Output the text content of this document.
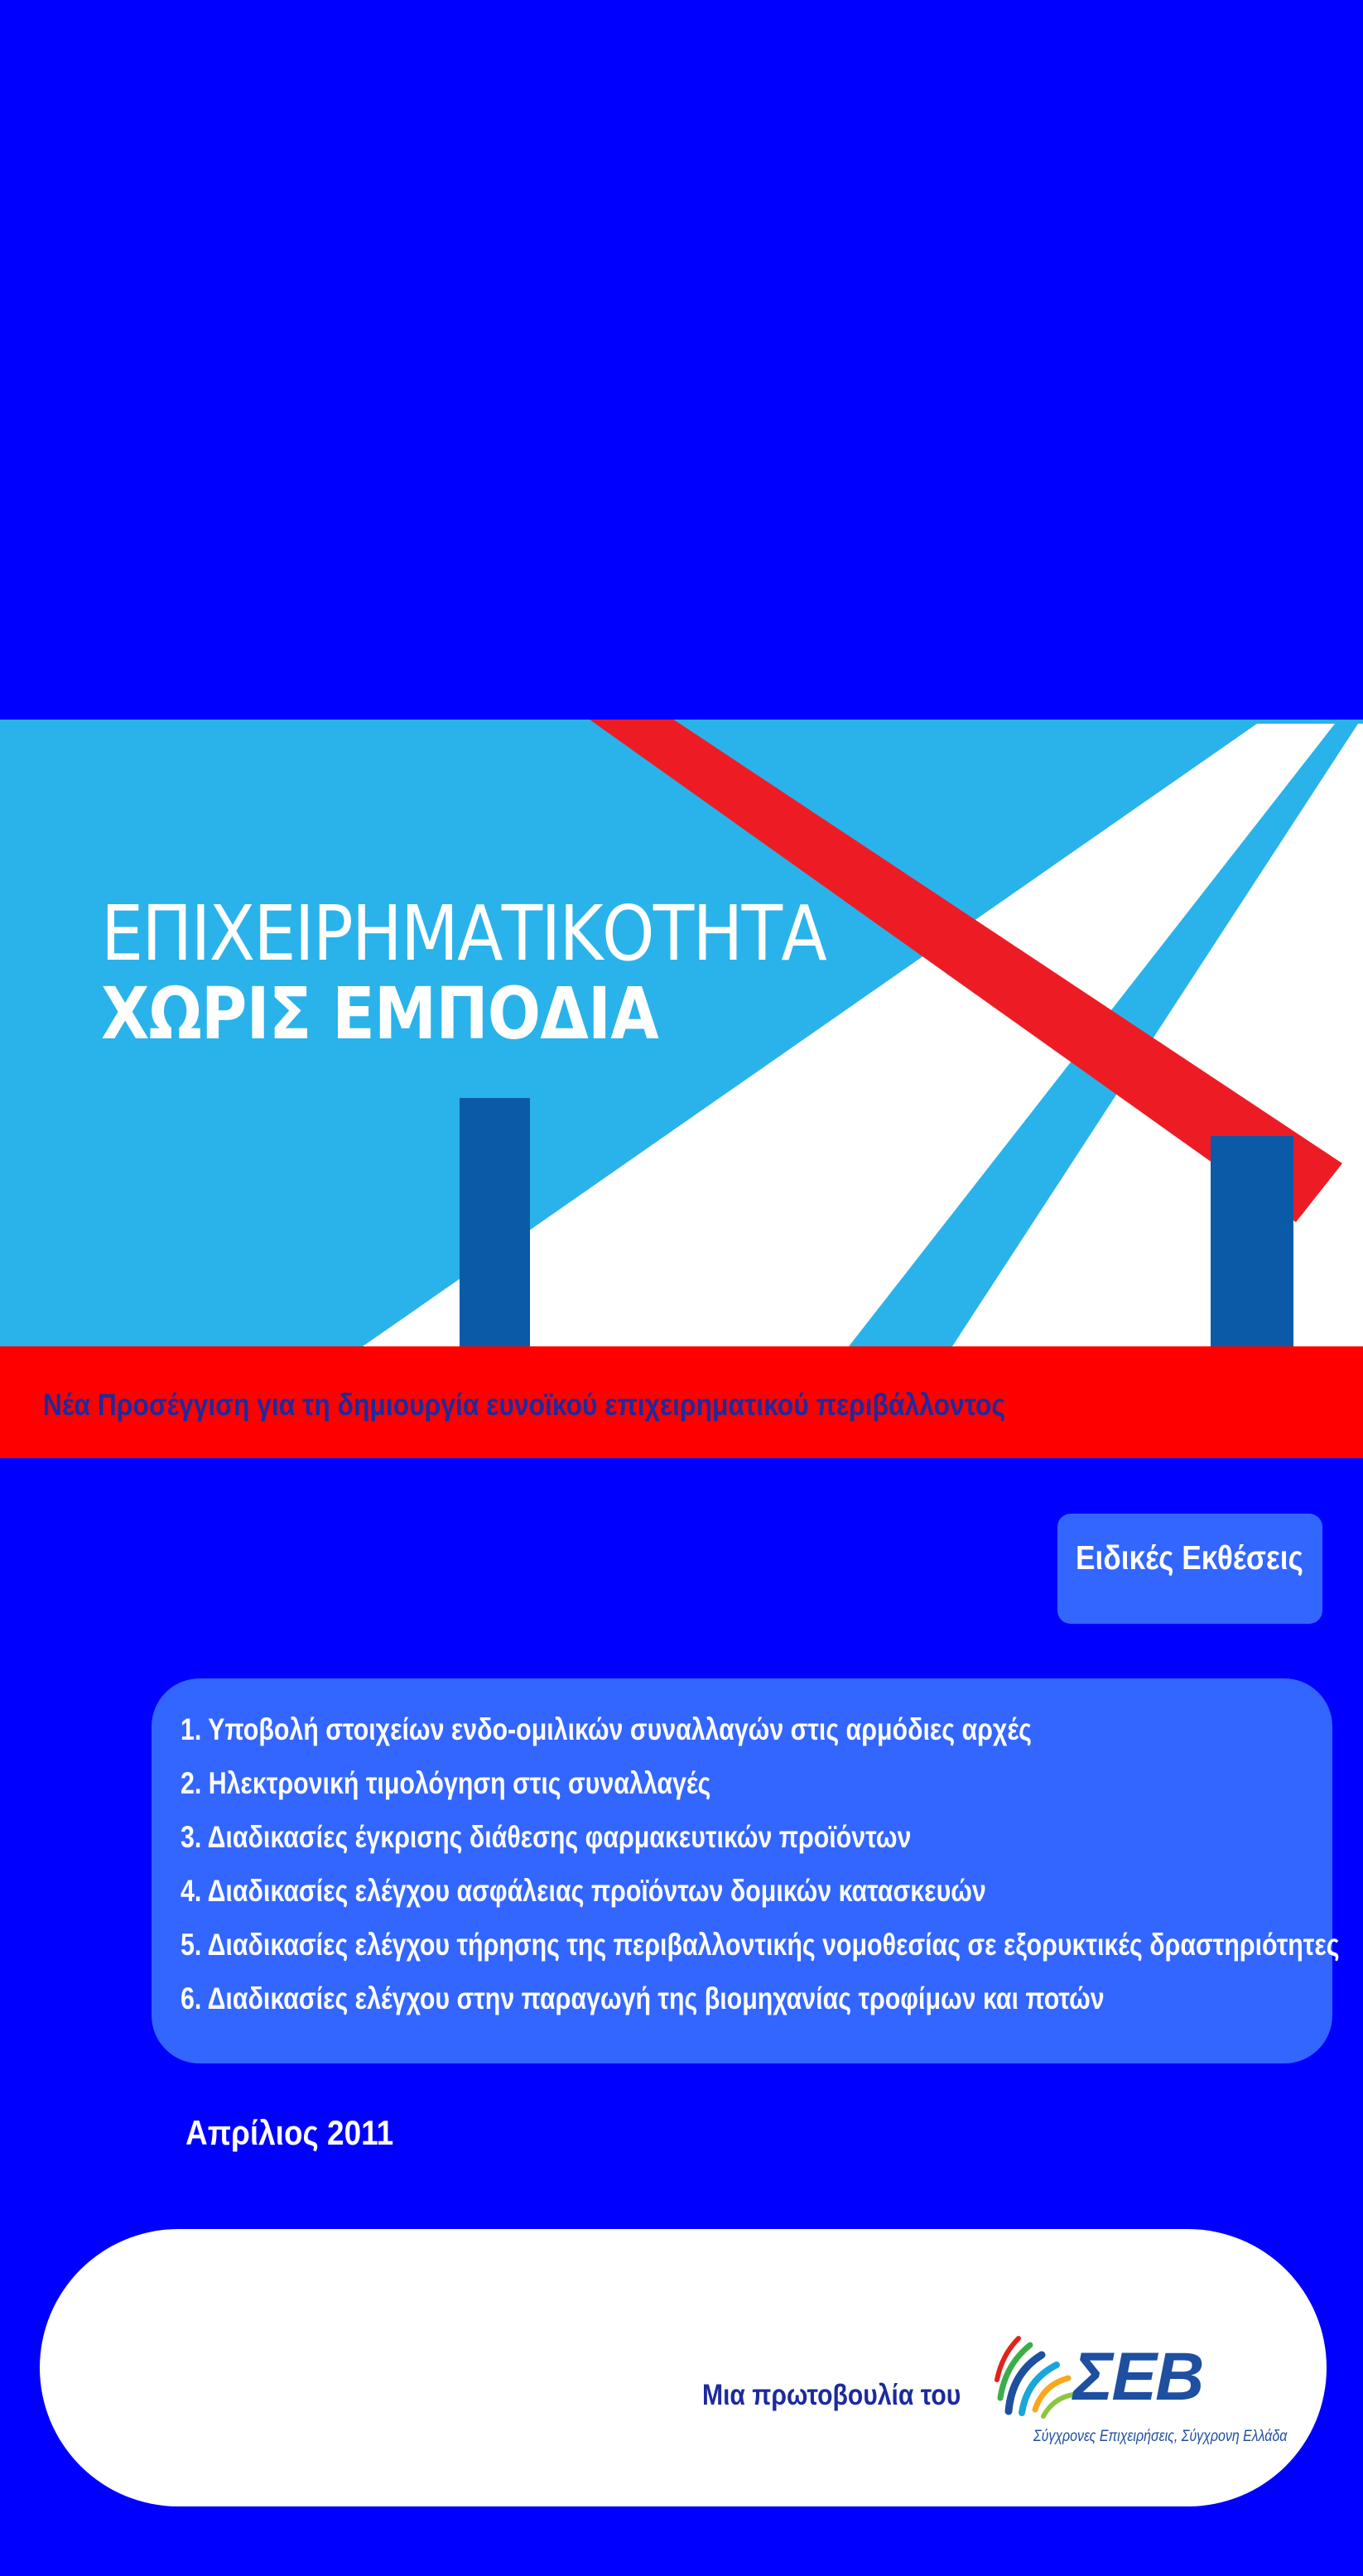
ΕΠΙΧΕΙΡΗΜΑΤΙΚΟΤΗΤΑ
ΧΩΡΙΣ ΕΜΠΟΔΙΑ
Νέα Προσέγγιση για τη δημιουργία ευνοϊκού επιχειρηματικού περιβάλλοντος
Ειδικές Εκθέσεις
1. Υποβολή στοιχείων ενδο-ομιλικών συναλλαγών στις αρμόδιες αρχές
2. Ηλεκτρονική τιμολόγηση στις συναλλαγές
3. Διαδικασίες έγκρισης διάθεσης φαρμακευτικών προϊόντων
4. Διαδικασίες ελέγχου ασφάλειας προϊόντων δομικών κατασκευών
5. Διαδικασίες ελέγχου τήρησης της περιβαλλοντικής νομοθεσίας σε εξορυκτικές δραστηριότητες
6. Διαδικασίες ελέγχου στην παραγωγή της βιομηχανίας τροφίμων και ποτών
Απρίλιος 2011
Μια πρωτοβουλία του ΣΕΒ
Σύγχρονες Επιχειρήσεις, Σύγχρονη Ελλάδα
